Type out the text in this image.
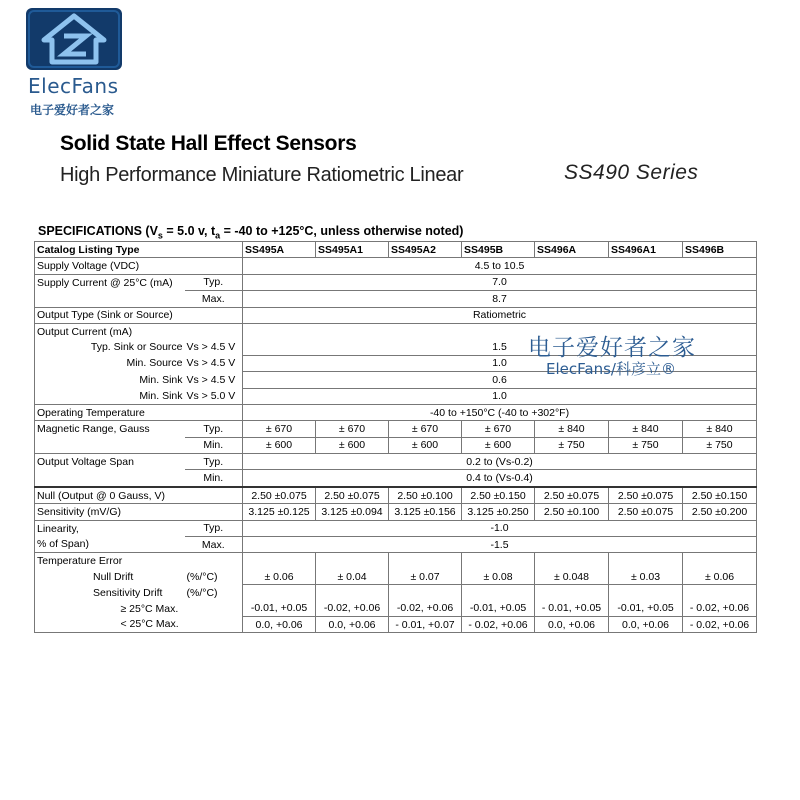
ElecFans
电子爱好者之家
Solid State Hall Effect Sensors
High Performance Miniature Ratiometric Linear	SS490 Series
SPECIFICATIONS ($V_s = 5.0$ v, $t_a = -40$ to +125°C, unless otherwise noted)
Catalog Listing Type		SS495A	SS495A1	SS495A2	SS495B	SS496A	SS496A1	SS496B
Supply Voltage (VDC)		4.5 to 10.5						
Supply Current @ 25°C (mA)	Typ.	7.0						
	Max.	8.7						
Output Type (Sink or Source)		Ratiometric						
Output Current (mA)								
Typ. Sink or Source	Vs > 4.5 V	1.5						
Min. Source	Vs > 4.5 V	1.0						
Min. Sink	Vs > 4.5 V	0.6						
Min. Sink	Vs > 5.0 V	1.0						
Operating Temperature		-40 to +150°C (-40 to +302°F)						
Magnetic Range, Gauss	Typ.	± 670	± 670	± 670	± 670	± 840	± 840	± 840
	Min.	± 600	± 600	± 600	± 600	± 750	± 750	± 750
Output Voltage Span	Typ.	0.2 to (Vs-0.2)						
	Min.	0.4 to (Vs-0.4)						
Null (Output @ 0 Gauss, V)		2.50 ±0.075	2.50 ±0.075	2.50 ±0.100	2.50 ±0.150	2.50 ±0.075	2.50 ±0.075	2.50 ±0.150
Sensitivity (mV/G)		3.125 ±0.125	3.125 ±0.094	3.125 ±0.156	3.125 ±0.250	2.50 ±0.100	2.50 ±0.075	2.50 ±0.200
Linearity,	Typ.	-1.0						
% of Span)	Max.	-1.5						
Temperature Error								
Null Drift	(%/°C)	± 0.06	± 0.04	± 0.07	± 0.08	± 0.048	± 0.03	± 0.06
Sensitivity Drift	(%/°C)							
	≥ 25°C Max.	-0.01, +0.05	-0.02, +0.06	-0.02, +0.06	-0.01, +0.05	- 0.01, +0.05	-0.01, +0.05	- 0.02, +0.06
	< 25°C Max.	0.0, +0.06	0.0, +0.06	- 0.01, +0.07	- 0.02, +0.06	0.0, +0.06	0.0, +0.06	- 0.02, +0.06
电子爱好者之家
ElecFans/科彦立®
